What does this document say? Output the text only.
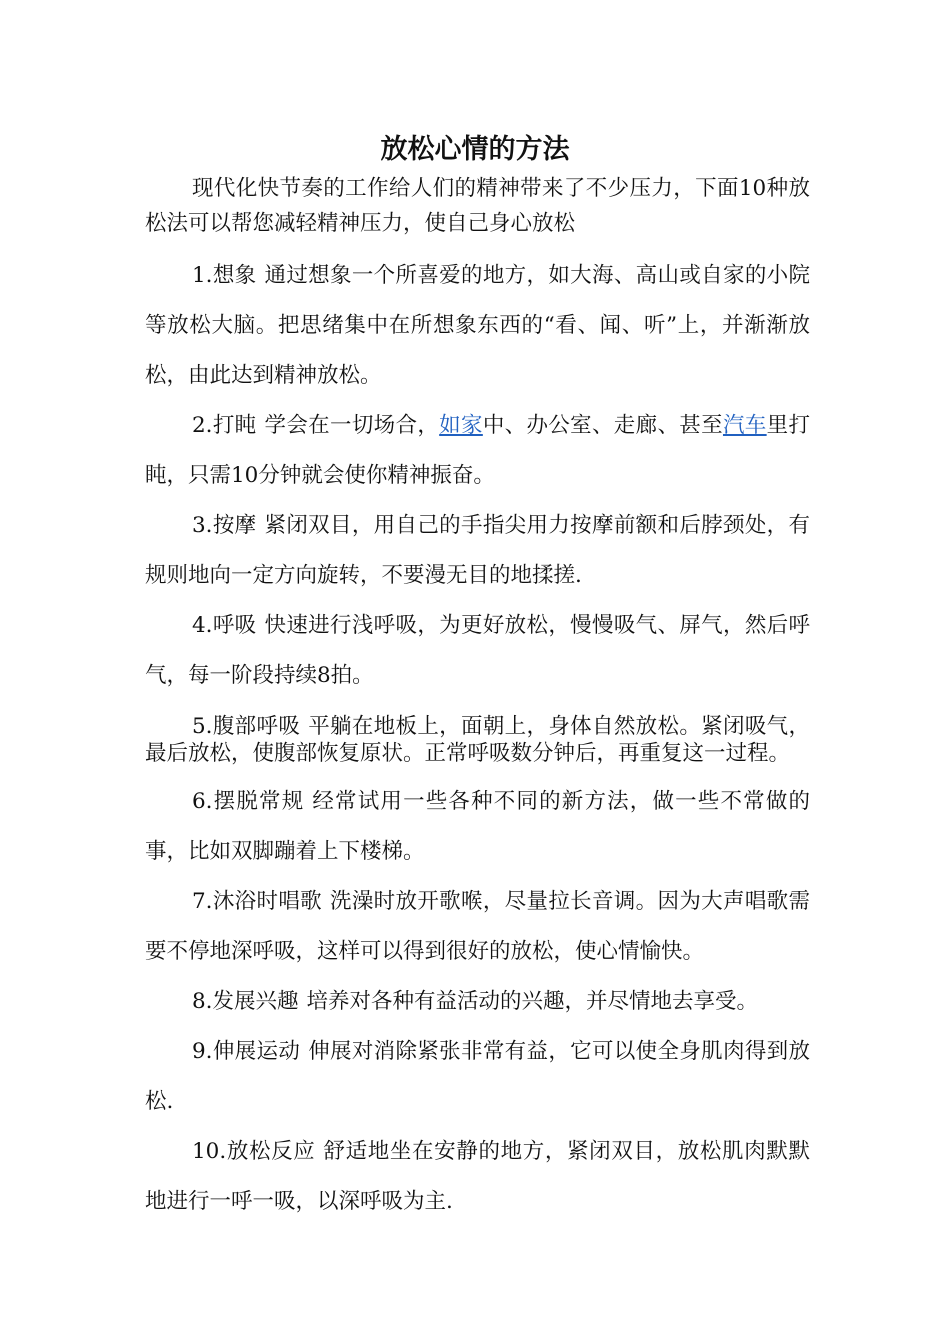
放松心情的方法

现代化快节奏的工作给人们的精神带来了不少压力，下面10种放松法可以帮您减轻精神压力，使自己身心放松

1.想象 通过想象一个所喜爱的地方，如大海、高山或自家的小院等放松大脑。把思绪集中在所想象东西的“看、闻、听”上，并渐渐放松，由此达到精神放松。

2.打盹 学会在一切场合，如家中、办公室、走廊、甚至汽车里打盹，只需10分钟就会使你精神振奋。

3.按摩 紧闭双目，用自己的手指尖用力按摩前额和后脖颈处，有规则地向一定方向旋转，不要漫无目的地揉搓.

4.呼吸 快速进行浅呼吸，为更好放松，慢慢吸气、屏气，然后呼气，每一阶段持续8拍。

5.腹部呼吸 平躺在地板上，面朝上，身体自然放松。紧闭吸气，最后放松，使腹部恢复原状。正常呼吸数分钟后，再重复这一过程。

6.摆脱常规 经常试用一些各种不同的新方法，做一些不常做的事，比如双脚蹦着上下楼梯。

7.沐浴时唱歌 洗澡时放开歌喉，尽量拉长音调。因为大声唱歌需要不停地深呼吸，这样可以得到很好的放松，使心情愉快。

8.发展兴趣 培养对各种有益活动的兴趣，并尽情地去享受。

9.伸展运动 伸展对消除紧张非常有益，它可以使全身肌肉得到放松.

10.放松反应 舒适地坐在安静的地方，紧闭双目，放松肌肉默默地进行一呼一吸，以深呼吸为主.
